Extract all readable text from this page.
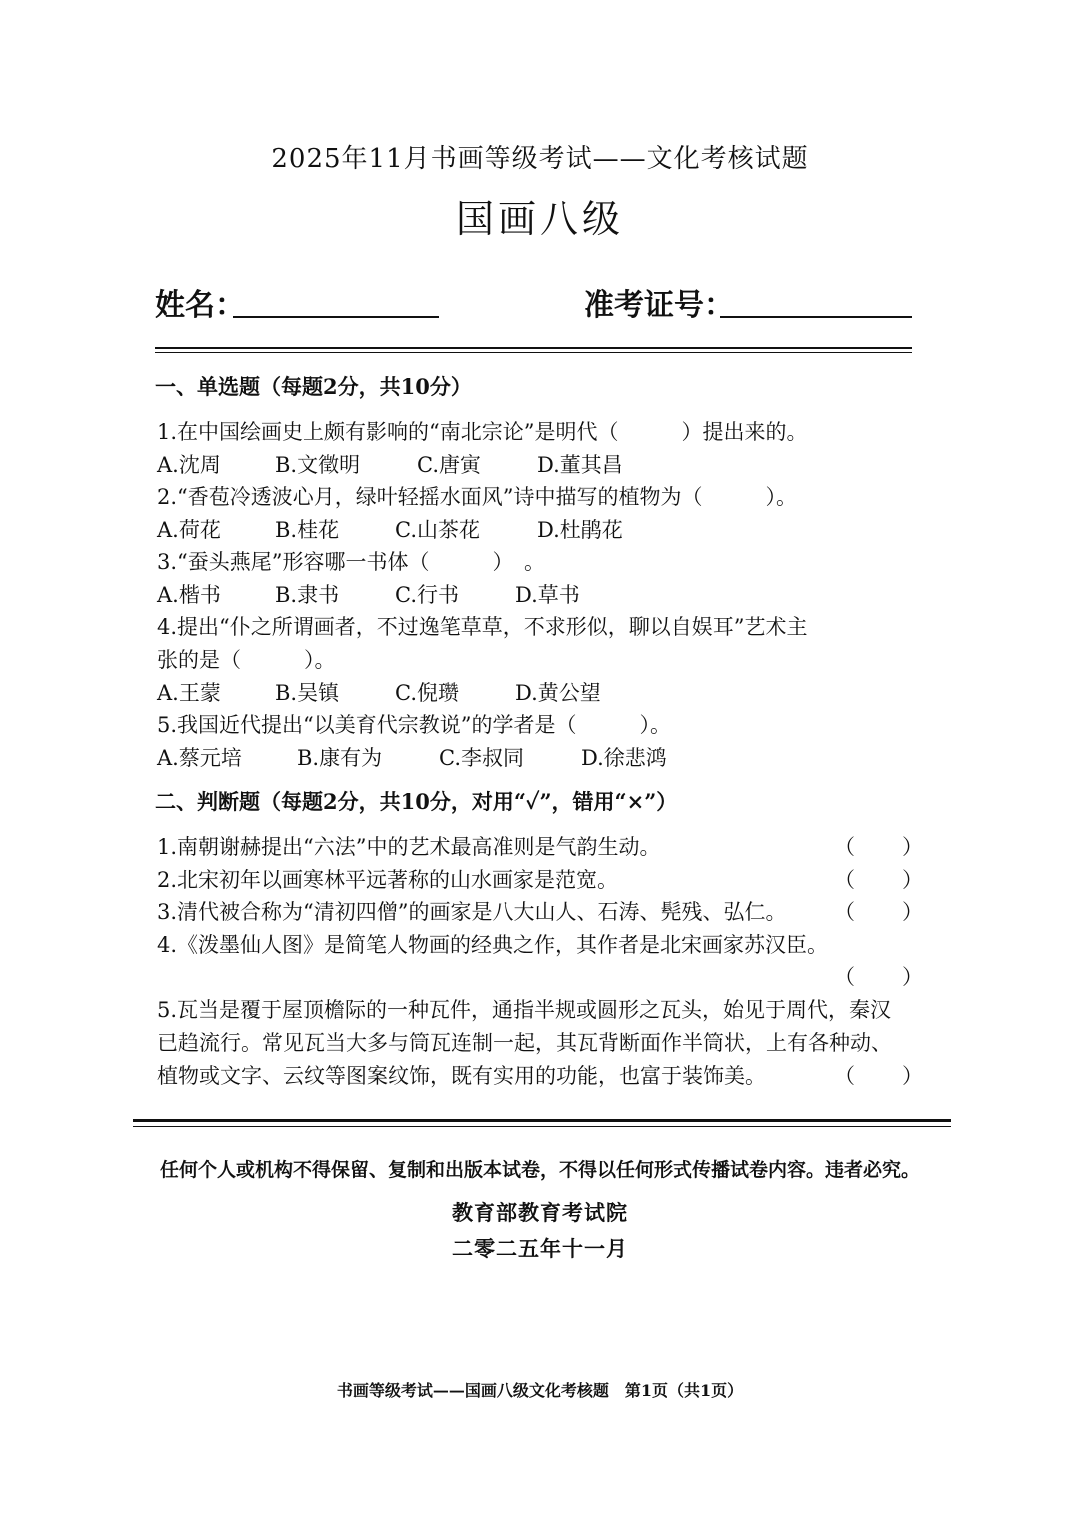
2025年11月书画等级考试——文化考核试题
国画八级
姓名：	准考证号：
一、单选题（每题2分，共10分）
1.在中国绘画史上颇有影响的“南北宗论”是明代（　　　）提出来的。
A.沈周	B.文徵明	C.唐寅	D.董其昌
2.“香苞冷透波心月，绿叶轻摇水面风”诗中描写的植物为（　　　）。
A.荷花	B.桂花	C.山茶花	D.杜鹃花
3.“蚕头燕尾”形容哪一书体（　　　）　。
A.楷书	B.隶书	C.行书	D.草书
4.提出“仆之所谓画者，不过逸笔草草，不求形似，聊以自娱耳”艺术主
张的是（　　　）。
A.王蒙	B.吴镇	C.倪瓒	D.黄公望
5.我国近代提出“以美育代宗教说”的学者是（　　　）。
A.蔡元培	B.康有为	C.李叔同	D.徐悲鸿
二、判断题（每题2分，共10分，对用“✓”，错用“×”）
1.南朝谢赫提出“六法”中的艺术最高准则是气韵生动。	（ ）
2.北宋初年以画寒林平远著称的山水画家是范宽。	（ ）
3.清代被合称为“清初四僧”的画家是八大山人、石涛、髡残、弘仁。 （ ）
4.《泼墨仙人图》是简笔人物画的经典之作，其作者是北宋画家苏汉臣。
（ ）
5.瓦当是覆于屋顶檐际的一种瓦件，通指半规或圆形之瓦头，始见于周代，秦汉
已趋流行。常见瓦当大多与筒瓦连制一起，其瓦背断面作半筒状，上有各种动、
植物或文字、云纹等图案纹饰，既有实用的功能，也富于装饰美。	（ ）
任何个人或机构不得保留、复制和出版本试卷，不得以任何形式传播试卷内容。违者必究。
教育部教育考试院
二零二五年十一月
书画等级考试——国画八级文化考核题　第1页（共1页）
